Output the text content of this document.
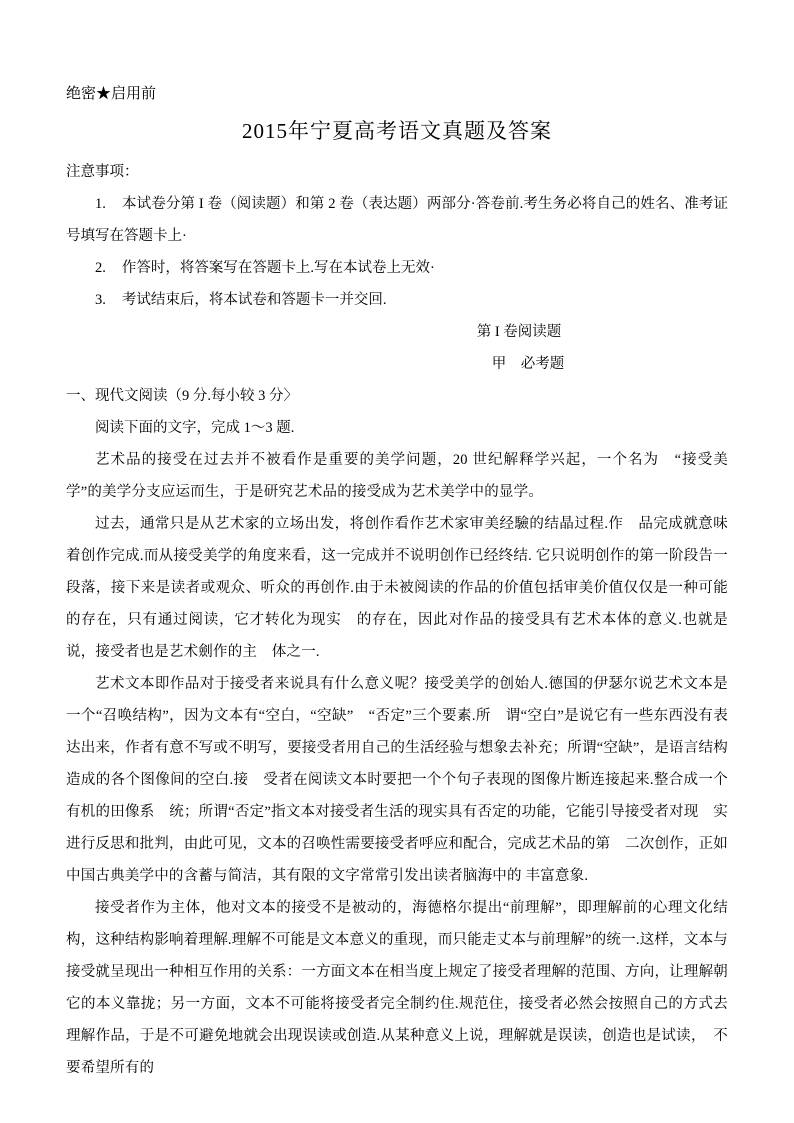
绝密★启用前

2015年宁夏高考语文真题及答案

注意事项：

1. 本试卷分第 I 卷（阅读题）和第 2 卷（表达题）两部分·答卷前.考生务必将自己的姓名、准考证号填写在答题卡上·

2. 作答时，将答案写在答题卡上.写在本试卷上无效·

3. 考试结束后，将本试卷和答题卡一并交回.

第 I 卷阅读题

甲　必考题

一、现代文阅读（9 分.每小较 3 分〉

阅读下面的文字，完成 1～3 题.

艺术品的接受在过去并不被看作是重要的美学问题，20 世纪解释学兴起，一个名为　“接受美学”的美学分支应运而生，于是研究艺术品的接受成为艺术美学中的显学。

过去，通常只是从艺术家的立场出发，将创作看作艺术家审美经驗的结晶过程.作　品完成就意味着创作完成.而从接受美学的角度来看，这一完成并不说明创作已经终结. 它只说明创作的第一阶段告一段落，接下来是读者或观众、听众的再创作.由于未被阅读的作品的价值包括审美价值仅仅是一种可能的存在，只有通过阅读，它才转化为现实　的存在，因此对作品的接受具有艺术本体的意义.也就是说，接受者也是艺术劍作的主　体之一.

艺术文本即作品对于接受者来说具有什么意义呢？接受美学的创始人.德国的伊瑟尔说艺术文本是一个“召唤结构”，因为文本有“空白，“空缺”　“否定”三个要素.所　谓“空白”是说它有一些东西没有表达出来，作者有意不写或不明写，要接受者用自己的生活经验与想象去补充；所谓“空缺”，是语言结构造成的各个图像间的空白.接　受者在阅读文本时要把一个个句子表现的图像片断连接起来.整合成一个有机的田像系　统；所谓“否定”指文本对接受者生活的现实具有否定的功能，它能引导接受者对现　实进行反思和批判，由此可见，文本的召唤性需要接受者呼应和配合，完成艺术品的第　二次创作，正如中国古典美学中的含蓄与简洁，其有限的文字常常引发出读者脑海中的 丰富意象.

接受者作为主体，他对文本的接受不是被动的，海德格尔提出“前理解”，即理解前的心理文化结构，这种结构影响着理解.理解不可能是文本意义的重现，而只能走丈本与前理解”的统一.这样，文本与接受就呈现出一种相互作用的关系：一方面文本在相当度上规定了接受者理解的范围、方向，让理解朝它的本义靠拢；另一方面，文本不可能将接受者完全制约住.规范住，接受者必然会按照自己的方式去理解作品，于是不可避免地就会出现误读或创造.从某种意义上说，理解就是误读，创造也是试读，　不要希望所有的
